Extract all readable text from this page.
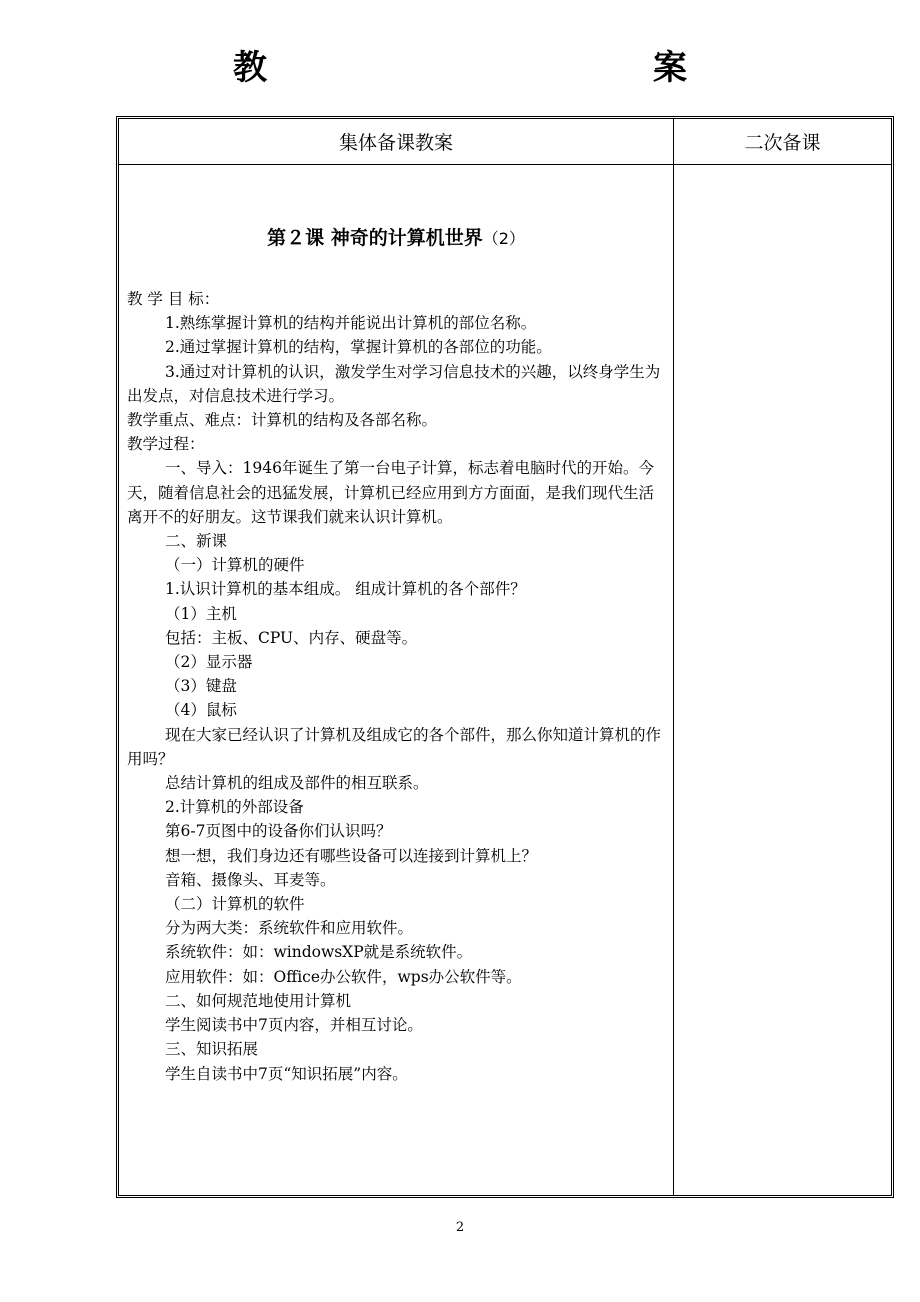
教　　案
集体备课教案	二次备课
第２课 神奇的计算机世界（2）

教 学 目 标：

1.熟练掌握计算机的结构并能说出计算机的部位名称。

2.通过掌握计算机的结构，掌握计算机的各部位的功能。

3.通过对计算机的认识，激发学生对学习信息技术的兴趣，以终身学生为出发点，对信息技术进行学习。

教学重点、难点：计算机的结构及各部名称。

教学过程：

一、导入：1946年诞生了第一台电子计算，标志着电脑时代的开始。今天，随着信息社会的迅猛发展，计算机已经应用到方方面面，是我们现代生活离开不的好朋友。这节课我们就来认识计算机。

二、新课

（一）计算机的硬件

1.认识计算机的基本组成。 组成计算机的各个部件？

（1）主机

包括：主板、CPU、内存、硬盘等。

（2）显示器

（3）键盘

（4）鼠标

现在大家已经认识了计算机及组成它的各个部件，那么你知道计算机的作用吗？

总结计算机的组成及部件的相互联系。

2.计算机的外部设备

第6-7页图中的设备你们认识吗？

想一想，我们身边还有哪些设备可以连接到计算机上？

音箱、摄像头、耳麦等。

（二）计算机的软件

分为两大类：系统软件和应用软件。

系统软件：如：windowsXP就是系统软件。

应用软件：如：Office办公软件，wps办公软件等。

二、如何规范地使用计算机

学生阅读书中7页内容，并相互讨论。

三、知识拓展

学生自读书中7页“知识拓展”内容。

2
